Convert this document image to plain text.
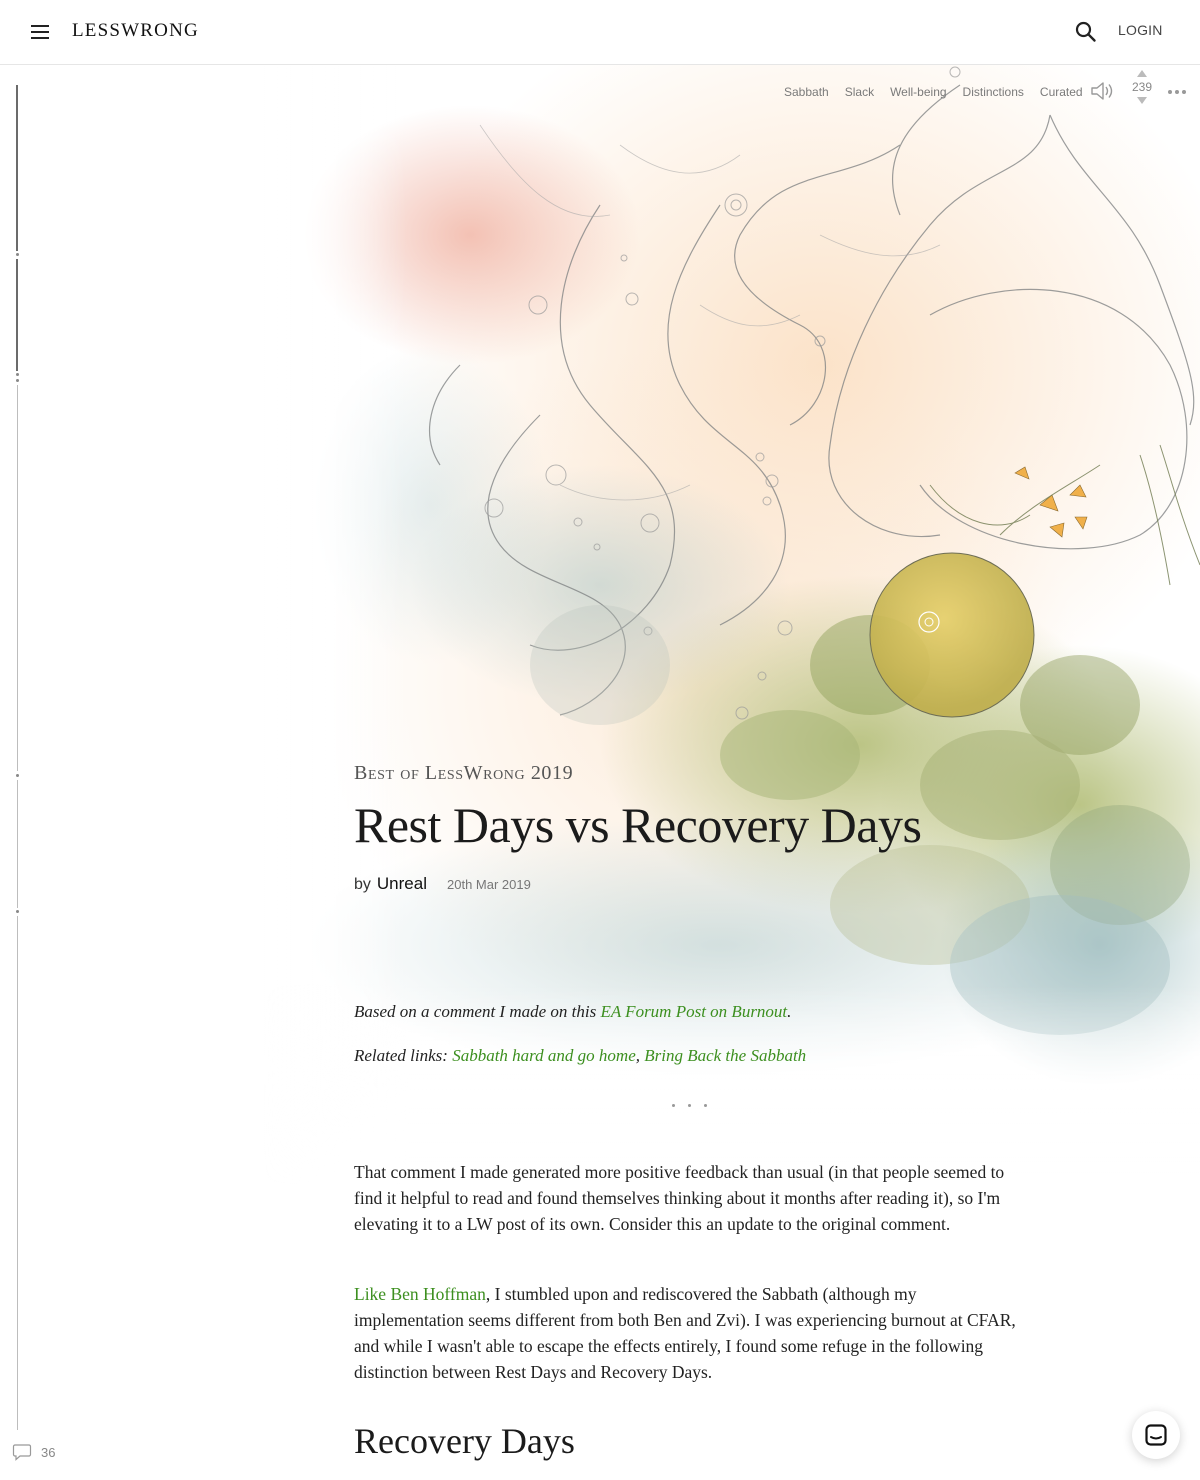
LESSWRONG	LOGIN
Sabbath	Slack	Well-being	Distinctions	Curated	239
36
Best of LessWrong 2019
Rest Days vs Recovery Days
by Unreal 20th Mar 2019

Based on a comment I made on this EA Forum Post on Burnout.

Related links: Sabbath hard and go home, Bring Back the Sabbath

That comment I made generated more positive feedback than usual (in that people seemed to find it helpful to read and found themselves thinking about it months after reading it), so I'm elevating it to a LW post of its own. Consider this an update to the original comment.

Like Ben Hoffman, I stumbled upon and rediscovered the Sabbath (although my implementation seems different from both Ben and Zvi). I was experiencing burnout at CFAR, and while I wasn't able to escape the effects entirely, I found some refuge in the following distinction between Rest Days and Recovery Days.

Recovery Days
